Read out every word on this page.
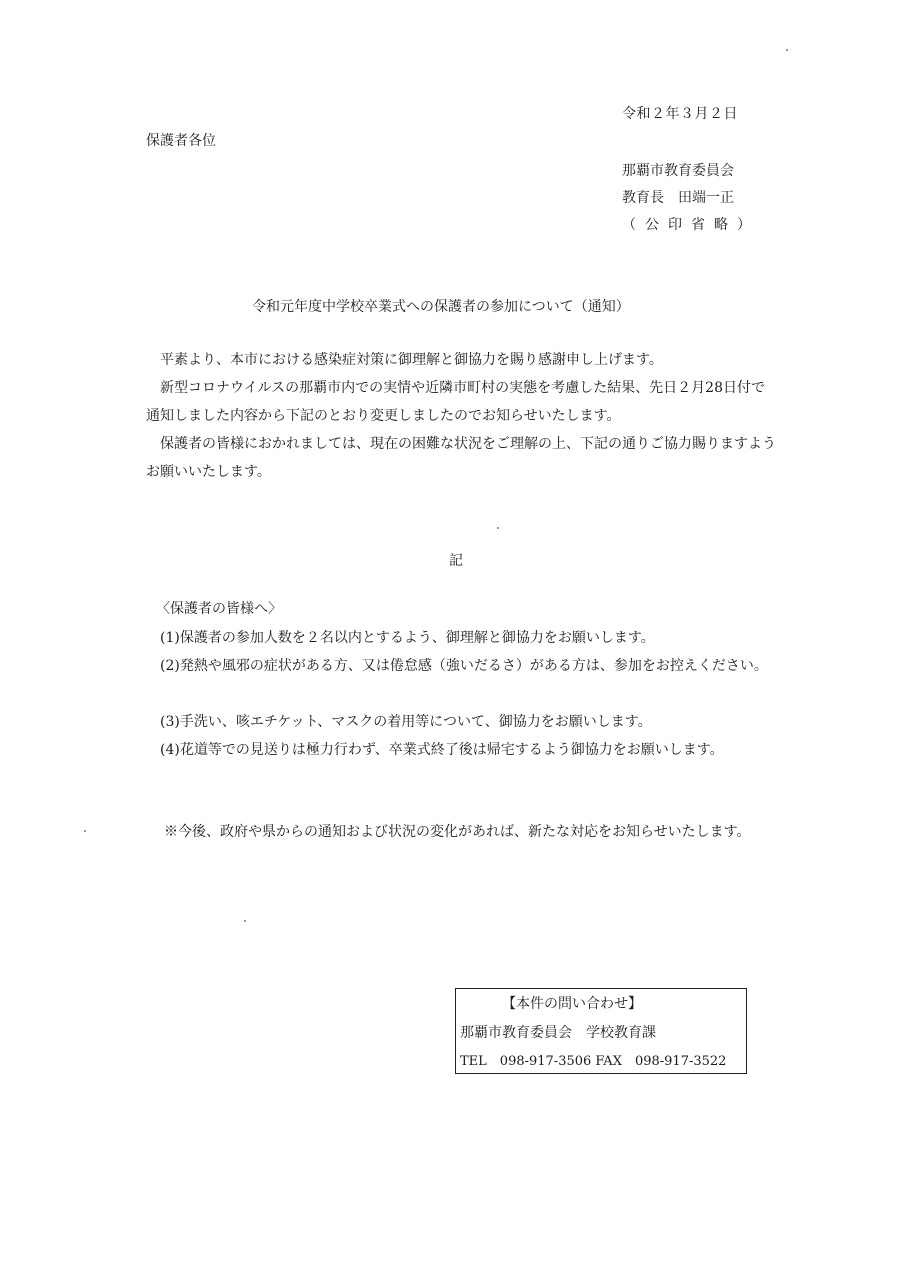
令和２年３月２日
保護者各位
那覇市教育委員会
教育長　田端一正
（公印省略）
令和元年度中学校卒業式への保護者の参加について（通知）
平素より、本市における感染症対策に御理解と御協力を賜り感謝申し上げます。
新型コロナウイルスの那覇市内での実情や近隣市町村の実態を考慮した結果、先日２月28日付で通知しました内容から下記のとおり変更しましたのでお知らせいたします。
保護者の皆様におかれましては、現在の困難な状況をご理解の上、下記の通りご協力賜りますようお願いいたします。
記
〈保護者の皆様へ〉
(1)保護者の参加人数を２名以内とするよう、御理解と御協力をお願いします。
(2)発熱や風邪の症状がある方、又は倦怠感（強いだるさ）がある方は、参加をお控えください。
(3)手洗い、咳エチケット、マスクの着用等について、御協力をお願いします。
(4)花道等での見送りは極力行わず、卒業式終了後は帰宅するよう御協力をお願いします。
※今後、政府や県からの通知および状況の変化があれば、新たな対応をお知らせいたします。
【本件の問い合わせ】
那覇市教育委員会　学校教育課
TEL　098-917-3506 FAX　098-917-3522
